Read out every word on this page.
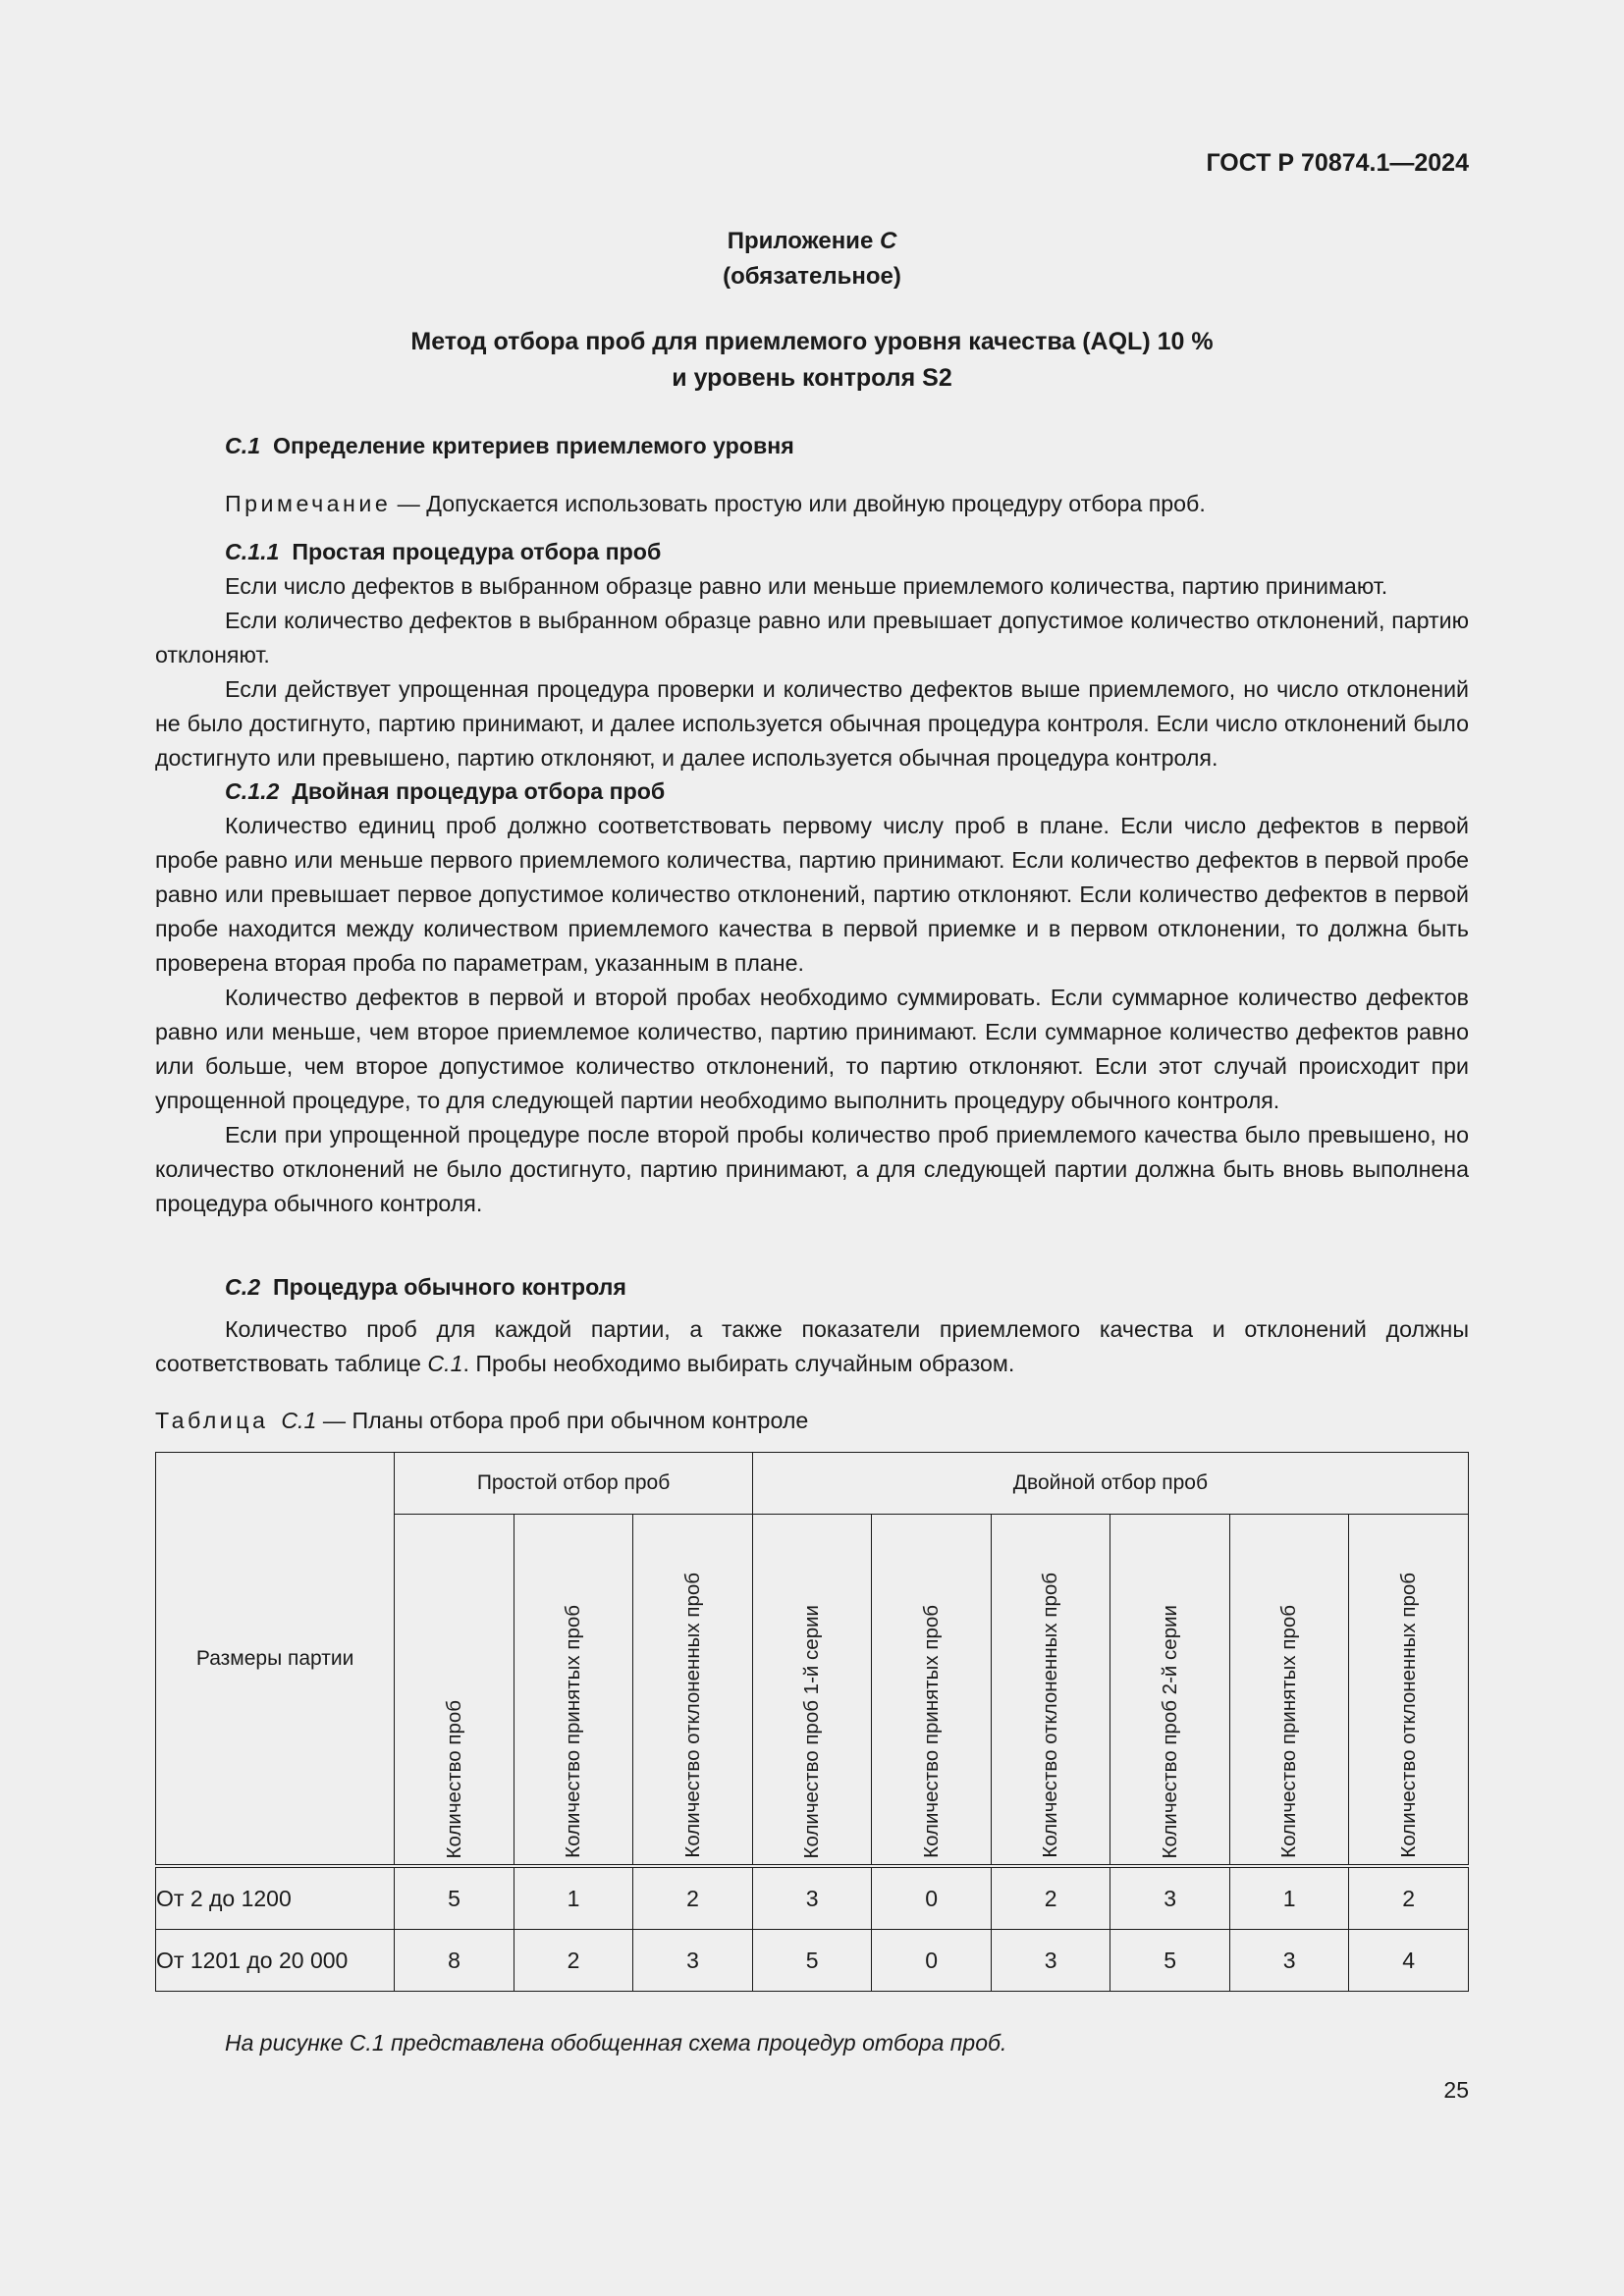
ГОСТ Р 70874.1—2024
Приложение С
(обязательное)
Метод отбора проб для приемлемого уровня качества (AQL) 10 %
и уровень контроля S2

С.1 Определение критериев приемлемого уровня

Примечание — Допускается использовать простую или двойную процедуру отбора проб.

С.1.1 Простая процедура отбора проб

Если число дефектов в выбранном образце равно или меньше приемлемого количества, партию принимают.

Если количество дефектов в выбранном образце равно или превышает допустимое количество отклонений, партию отклоняют.

Если действует упрощенная процедура проверки и количество дефектов выше приемлемого, но число отклонений не было достигнуто, партию принимают, и далее используется обычная процедура контроля. Если число отклонений было достигнуто или превышено, партию отклоняют, и далее используется обычная процедура контроля.

С.1.2 Двойная процедура отбора проб

Количество единиц проб должно соответствовать первому числу проб в плане. Если число дефектов в первой пробе равно или меньше первого приемлемого количества, партию принимают. Если количество дефектов в первой пробе равно или превышает первое допустимое количество отклонений, партию отклоняют. Если количество дефектов в первой пробе находится между количеством приемлемого качества в первой приемке и в первом отклонении, то должна быть проверена вторая проба по параметрам, указанным в плане.

Количество дефектов в первой и второй пробах необходимо суммировать. Если суммарное количество дефектов равно или меньше, чем второе приемлемое количество, партию принимают. Если суммарное количество дефектов равно или больше, чем второе допустимое количество отклонений, то партию отклоняют. Если этот случай происходит при упрощенной процедуре, то для следующей партии необходимо выполнить процедуру обычного контроля.

Если при упрощенной процедуре после второй пробы количество проб приемлемого качества было превышено, но количество отклонений не было достигнуто, партию принимают, а для следующей партии должна быть вновь выполнена процедура обычного контроля.

С.2 Процедура обычного контроля

Количество проб для каждой партии, а также показатели приемлемого качества и отклонений должны соответствовать таблице С.1. Пробы необходимо выбирать случайным образом.

Таблица С.1 — Планы отбора проб при обычном контроле

Размеры партии	Простой отбор проб			Двойной отбор проб					
	Количество проб	Количество принятых проб	Количество отклоненных проб	Количество проб 1-й серии	Количество принятых проб	Количество отклоненных проб	Количество проб 2-й серии	Количество принятых проб	Количество отклоненных проб
От 2 до 1200	5	1	2	3	0	2	3	1	2
От 1201 до 20 000	8	2	3	5	0	3	5	3	4
На рисунке С.1 представлена обобщенная схема процедур отбора проб.
25
